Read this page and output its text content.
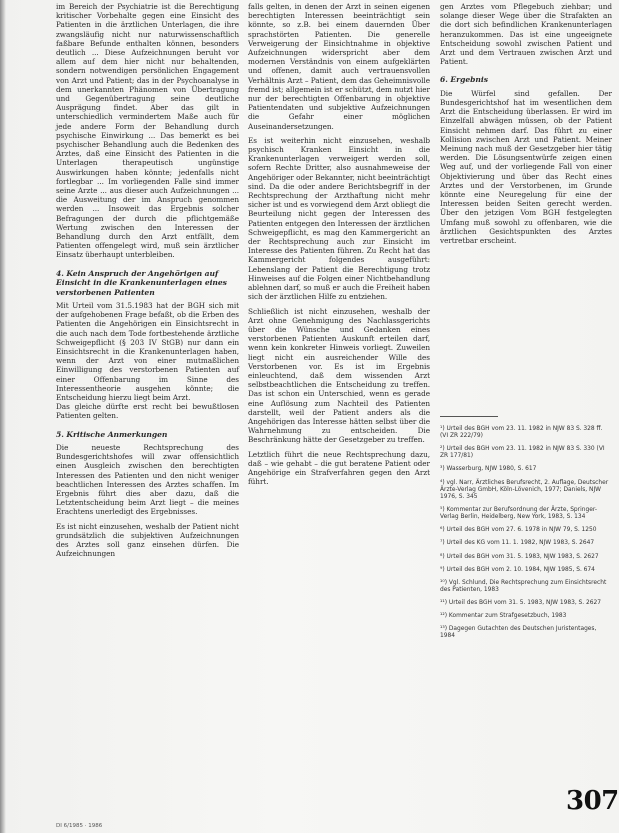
im Bereich der Psychiatrie ist die Berechtigung kritischer Vorbehalte gegen eine Einsicht des Patienten in die ärztlichen Unterlagen, die ihre zwangsläufig nicht nur naturwissenschaftlich faßbare Befunde enthalten können, besonders deutlich ... Diese Aufzeichnungen beruht vor allem auf dem hier nicht nur behaltenden, sondern notwendigen persönlichen Engagement von Arzt und Patient; das in der Psychoanalyse in dem unerkannten Phänomen von Übertragung und Gegenübertragung seine deutliche Ausprägung findet. Aber das gilt in unterschiedlich vermindertem Maße auch für jede andere Form der Behandlung durch psychische Einwirkung ... Das bemerkt es bei psychischer Behandlung auch die Bedenken des Arztes, daß eine Einsicht des Patienten in die Unterlagen therapeutisch ungünstige Auswirkungen haben könnte; jedenfalls nicht fortlegbar ... Im vorliegenden Falle sind immer seine Arzte ... aus dieser auch Aufzeichnungen ... die Ausweitung der im Anspruch genommen werden ... Insoweit das Ergebnis solcher Befragungen der durch die pflichtgemäße Wertung zwischen den Interessen der Behandlung durch den Arzt entfällt, dem Patienten offengelegt wird, muß sein ärztlicher Einsatz überhaupt unterbleiben.

4. Kein Anspruch der Angehörigen auf Einsicht in die Krankenunterlagen eines verstorbenen Patienten

Mit Urteil vom 31.5.1983 hat der BGH sich mit der aufgehobenen Frage befaßt, ob die Erben des Patienten die Angehörigen ein Einsichtsrecht in die auch nach dem Tode fortbestehende ärztliche Schweigepflicht (§ 203 IV StGB) nur dann ein Einsichtsrecht in die Krankenunterlagen haben, wenn der Arzt von einer mutmaßlichen Einwilligung des verstorbenen Patienten auf einer Offenbarung im Sinne des Interessentheorie ausgehen könnte; die Entscheidung hierzu liegt beim Arzt.

Das gleiche dürfte erst recht bei bewußtlosen Patienten gelten.

5. Kritische Anmerkungen

Die neueste Rechtsprechung des Bundesgerichtshofes will zwar offensichtlich einen Ausgleich zwischen den berechtigten Interessen des Patienten und den nicht weniger beachtlichen Interessen des Arztes schaffen. Im Ergebnis führt dies aber dazu, daß die Letztentscheidung beim Arzt liegt – die meines Erachtens unerledigt des Ergebnisses.

Es ist nicht einzusehen, weshalb der Patient nicht grundsätzlich die subjektiven Aufzeichnungen des Arztes soll ganz einsehen dürfen. Die Aufzeichnungen

falls gelten, in denen der Arzt in seinen eigenen berechtigten Interessen beeinträchtigt sein könnte, so z.B. bei einem dauernden Über sprachstörten Patienten. Die generelle Verweigerung der Einsichtnahme in objektive Aufzeichnungen widerspricht aber dem modernen Verständnis von einem aufgeklärten und offenen, damit auch vertrauensvollen Verhältnis Arzt – Patient, dem das Geheimnisvolle fremd ist; allgemein ist er schützt, dem nutzt hier nur der berechtigten Offenbarung in objektive Patientendaten und subjektive Aufzeichnungen die Gefahr einer möglichen Auseinandersetzungen.

Es ist weiterhin nicht einzusehen, weshalb psychisch Kranken Einsicht in die Krankenunterlagen verweigert werden soll, sofern Rechte Dritter, also ausnahmeweise der Angehöriger oder Bekannter, nicht beeinträchtigt sind. Da die oder andere Berichtsbegriff in der Rechtsprechung der Arzthaftung nicht mehr sicher ist und es vorwiegend dem Arzt obliegt die Beurteilung nicht gegen der Interessen des Patienten entgegen den Interessen der ärztlichen Schweigepflicht, es mag den Kammergericht an der Rechtsprechung auch zur Einsicht im Interesse des Patienten führen. Zu Recht hat das Kammergericht folgendes ausgeführt: Lebenslang der Patient die Berechtigung trotz Hinweises auf die Folgen einer Nichtbehandlung ablehnen darf, so muß er auch die Freiheit haben sich der ärztlichen Hilfe zu entziehen.

Schließlich ist nicht einzusehen, weshalb der Arzt ohne Genehmigung des Nachlassgerichts über die Wünsche und Gedanken eines verstorbenen Patienten Auskunft erteilen darf, wenn kein konkreter Hinweis vorliegt. Zuweilen liegt nicht ein ausreichender Wille des Verstorbenen vor. Es ist im Ergebnis einleuchtend, daß dem wissenden Arzt selbstbeachtlichen die Entscheidung zu treffen. Das ist schon ein Unterschied, wenn es gerade eine Auflösung zum Nachteil des Patienten darstellt, weil der Patient anders als die Angehörigen das Interesse hätten selbst über die Wahrnehmung zu entscheiden. Die Beschränkung hätte der Gesetzgeber zu treffen.

Letztlich führt die neue Rechtsprechung dazu, daß – wie gehabt – die gut beratene Patient oder Angehörige ein Strafverfahren gegen den Arzt führt.

gen Arztes vom Pflegebuch ziehbar; und solange dieser Wege über die Strafakten an die dort sich befindlichen Krankenunterlagen heranzukommen. Das ist eine ungeeignete Entscheidung sowohl zwischen Patient und Arzt und dem Vertrauen zwischen Arzt und Patient.

6. Ergebnis

Die Würfel sind gefallen. Der Bundesgerichtshof hat im wesentlichen dem Arzt die Entscheidung überlassen. Er wird im Einzelfall abwägen müssen, ob der Patient Einsicht nehmen darf. Das führt zu einer Kollision zwischen Arzt und Patient. Meiner Meinung nach muß der Gesetzgeber hier tätig werden. Die Lösungsentwürfe zeigen einen Weg auf, und der vorliegende Fall von einer Objektivierung und über das Recht eines Arztes und der Verstorbenen, im Grunde könnte eine Neuregelung für eine der Interessen beiden Seiten gerecht werden. Über den jetzigen Vom BGH festgelegten Umfang muß sowohl zu offenbaren, wie die ärztlichen Gesichtspunkten des Arztes vertretbar erscheint.

¹) Urteil des BGH vom 23. 11. 1982 in NJW 83 S. 328 ff. (VI ZR 222/79)

²) Urteil des BGH vom 23. 11. 1982 in NJW 83 S. 330 (VI ZR 177/81)

³) Wasserburg, NJW 1980, S. 617

⁴) vgl. Narr, Ärztliches Berufsrecht, 2. Auflage, Deutscher Ärzte-Verlag GmbH, Köln-Lövenich, 1977; Daniels, NJW 1976, S. 345

⁵) Kommentar zur Berufsordnung der Ärzte, Springer-Verlag Berlin, Heidelberg, New York, 1983, S. 134

⁶) Urteil des BGH vom 27. 6. 1978 in NJW 79, S. 1250

⁷) Urteil des KG vom 11. 1. 1982, NJW 1983, S. 2647

⁸) Urteil des BGH vom 31. 5. 1983, NJW 1983, S. 2627

⁹) Urteil des BGH vom 2. 10. 1984, NJW 1985, S. 674

¹⁰) Vgl. Schlund, Die Rechtsprechung zum Einsichtsrecht des Patienten, 1983

¹¹) Urteil des BGH vom 31. 5. 1983, NJW 1983, S. 2627

¹²) Kommentar zum Strafgesetzbuch, 1983

¹³) Dagegen Gutachten des Deutschen Juristentages, 1984

307
DI 6/1985 · 1986
